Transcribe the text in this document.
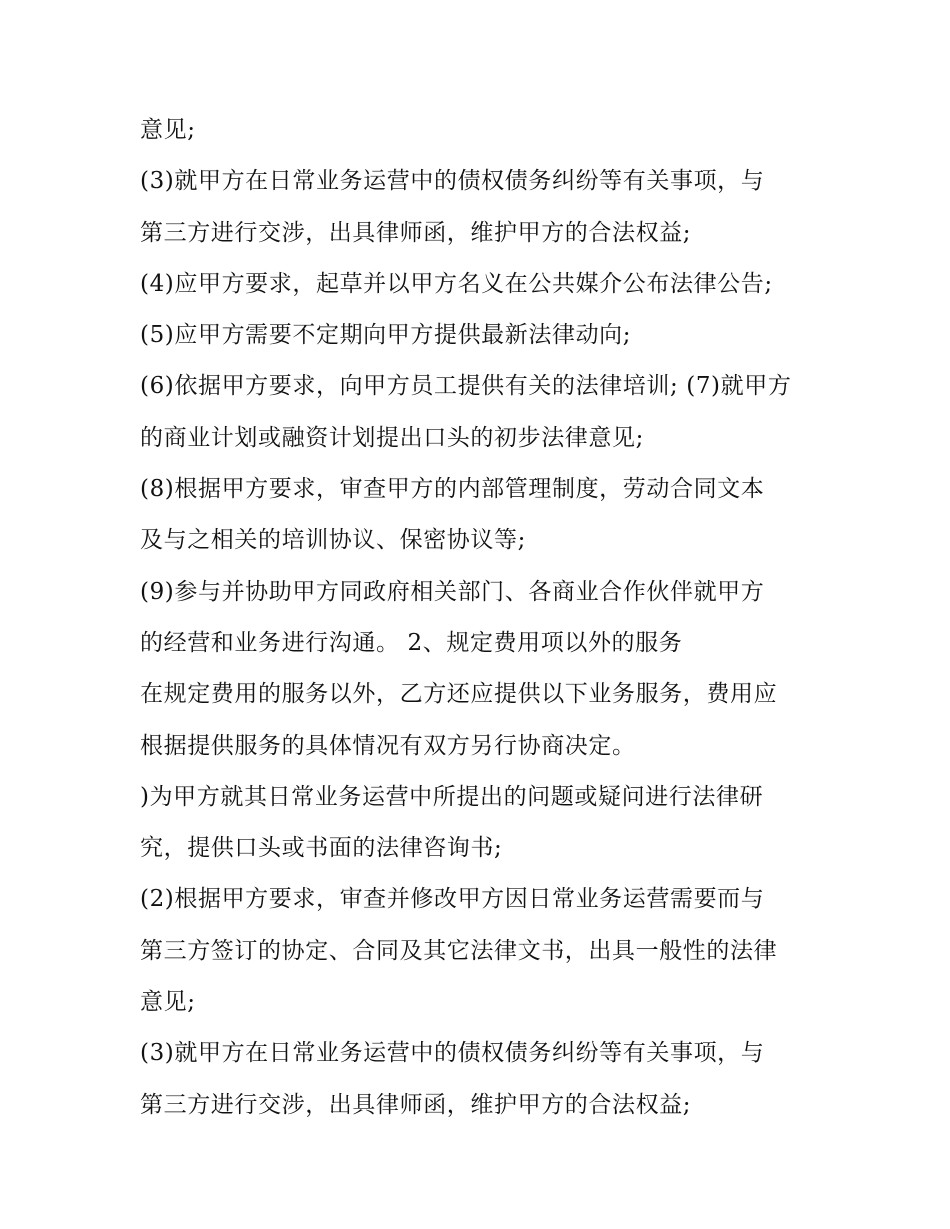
意见;
(3)就甲方在日常业务运营中的债权债务纠纷等有关事项，与
第三方进行交涉，出具律师函，维护甲方的合法权益;
(4)应甲方要求，起草并以甲方名义在公共媒介公布法律公告;
(5)应甲方需要不定期向甲方提供最新法律动向;
(6)依据甲方要求，向甲方员工提供有关的法律培训; (7)就甲方
的商业计划或融资计划提出口头的初步法律意见;
(8)根据甲方要求，审查甲方的内部管理制度，劳动合同文本
及与之相关的培训协议、保密协议等;
(9)参与并协助甲方同政府相关部门、各商业合作伙伴就甲方
的经营和业务进行沟通。 2、规定费用项以外的服务
在规定费用的服务以外，乙方还应提供以下业务服务，费用应
根据提供服务的具体情况有双方另行协商决定。
)为甲方就其日常业务运营中所提出的问题或疑问进行法律研
究，提供口头或书面的法律咨询书;
(2)根据甲方要求，审查并修改甲方因日常业务运营需要而与
第三方签订的协定、合同及其它法律文书，出具一般性的法律
意见;
(3)就甲方在日常业务运营中的债权债务纠纷等有关事项，与
第三方进行交涉，出具律师函，维护甲方的合法权益;
